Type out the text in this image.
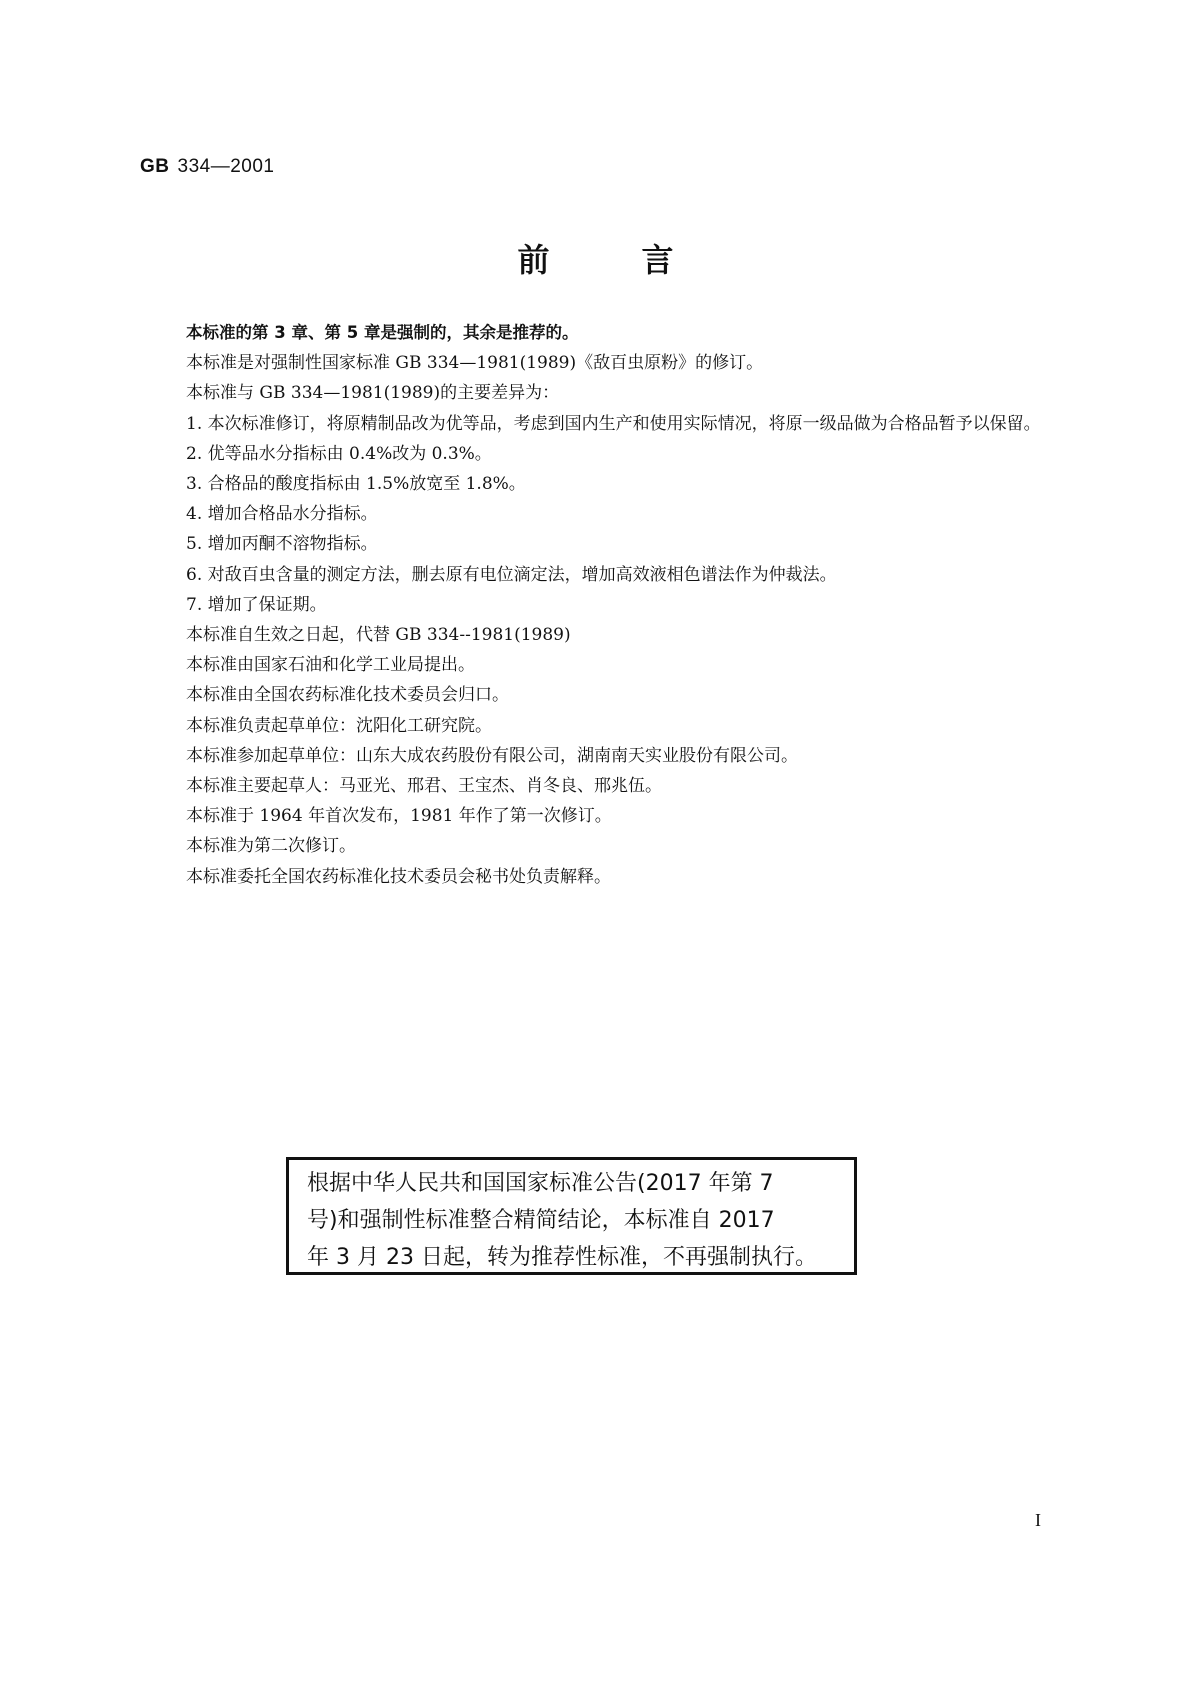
GB 334—2001
前言

本标准的第 3 章、第 5 章是强制的，其余是推荐的。

本标准是对强制性国家标准 GB 334—1981(1989)《敌百虫原粉》的修订。

本标准与 GB 334—1981(1989)的主要差异为：

1. 本次标准修订，将原精制品改为优等品，考虑到国内生产和使用实际情况，将原一级品做为合格品暂予以保留。

2. 优等品水分指标由 0.4%改为 0.3%。

3. 合格品的酸度指标由 1.5%放宽至 1.8%。

4. 增加合格品水分指标。

5. 增加丙酮不溶物指标。

6. 对敌百虫含量的测定方法，删去原有电位滴定法，增加高效液相色谱法作为仲裁法。

7. 增加了保证期。

本标准自生效之日起，代替 GB 334--1981(1989)

本标准由国家石油和化学工业局提出。

本标准由全国农药标准化技术委员会归口。

本标准负责起草单位：沈阳化工研究院。

本标准参加起草单位：山东大成农药股份有限公司，湖南南天实业股份有限公司。

本标准主要起草人：马亚光、邢君、王宝杰、肖冬良、邢兆伍。

本标准于 1964 年首次发布，1981 年作了第一次修订。

本标准为第二次修订。

本标准委托全国农药标准化技术委员会秘书处负责解释。

根据中华人民共和国国家标准公告(2017 年第 7
号)和强制性标准整合精简结论，本标准自 2017
年 3 月 23 日起，转为推荐性标准，不再强制执行。
I
